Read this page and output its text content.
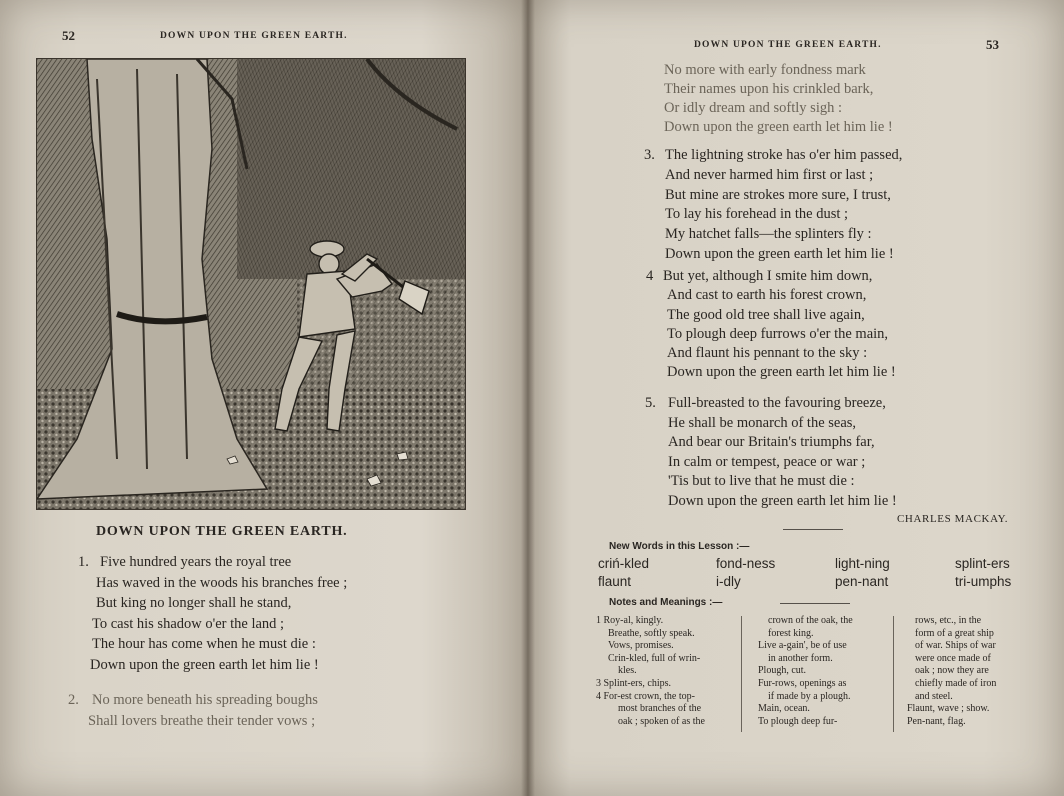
52	DOWN UPON THE GREEN EARTH.
DOWN UPON THE GREEN EARTH.
1. Five hundred years the royal tree
Has waved in the woods his branches free ;
But king no longer shall he stand,
To cast his shadow o'er the land ;
The hour has come when he must die :
Down upon the green earth let him lie !
2. No more beneath his spreading boughs
Shall lovers breathe their tender vows ;
DOWN UPON THE GREEN EARTH.	53
No more with early fondness mark
Their names upon his crinkled bark,
Or idly dream and softly sigh :
Down upon the green earth let him lie !
3. The lightning stroke has o'er him passed,
And never harmed him first or last ;
But mine are strokes more sure, I trust,
To lay his forehead in the dust ;
My hatchet falls—the splinters fly :
Down upon the green earth let him lie !
4 But yet, although I smite him down,
And cast to earth his forest crown,
The good old tree shall live again,
To plough deep furrows o'er the main,
And flaunt his pennant to the sky :
Down upon the green earth let him lie !
5. Full-breasted to the favouring breeze,
He shall be monarch of the seas,
And bear our Britain's triumphs far,
In calm or tempest, peace or war ;
'Tis but to live that he must die :
Down upon the green earth let him lie !
CHARLES MACKAY.
New Words in this Lesson :—
criń-kled	fond-ness	light-ning	splint-ers
flaunt	i-dly	pen-nant	tri-umphs
Notes and Meanings :—
1 Roy-al, kingly.
Breathe, softly speak.
Vows, promises.
Crin-kled, full of wrin-
kles.
3 Splint-ers, chips.
4 For-est crown, the top-
most branches of the
oak ; spoken of as the
crown of the oak, the
forest king.
Live a-gain', be of use
in another form.
Plough, cut.
Fur-rows, openings as
if made by a plough.
Main, ocean.
To plough deep fur-
rows, etc., in the
form of a great ship
of war. Ships of war
were once made of
oak ; now they are
chiefly made of iron
and steel.
Flaunt, wave ; show.
Pen-nant, flag.
